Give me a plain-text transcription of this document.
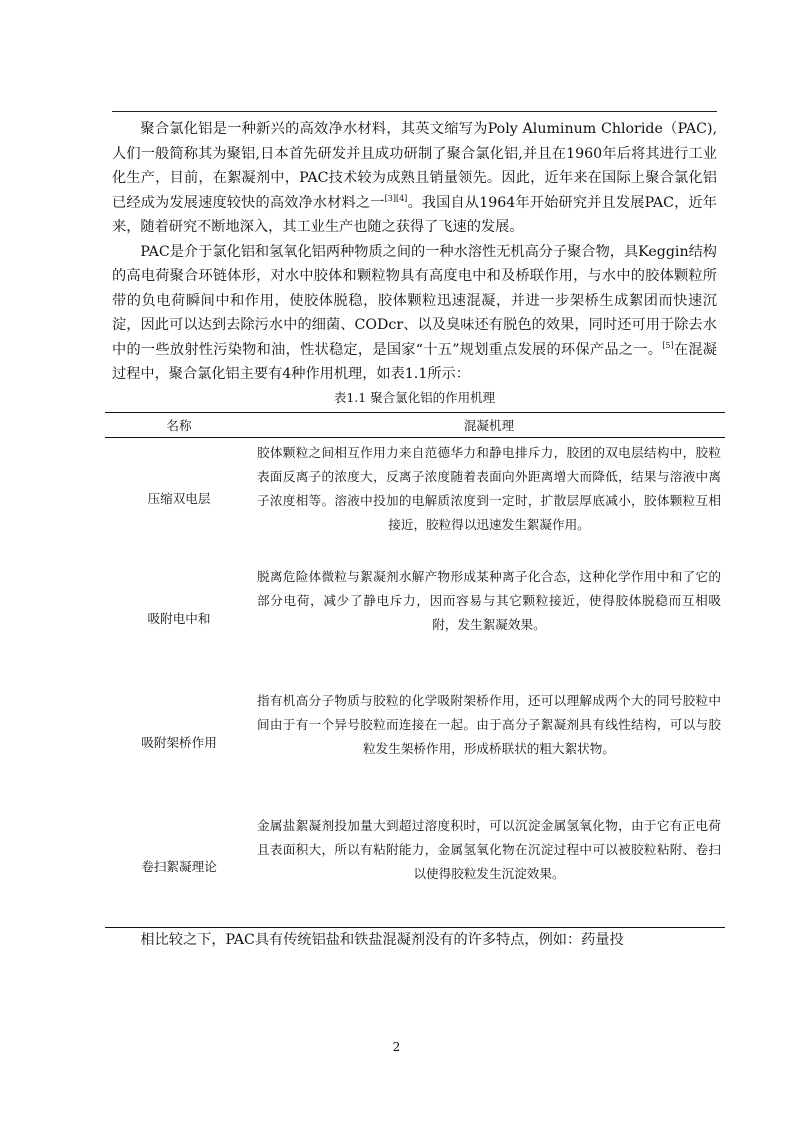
聚合氯化铝是一种新兴的高效净水材料，其英文缩写为Poly Aluminum Chloride（PAC),人们一般简称其为聚铝,日本首先研发并且成功研制了聚合氯化铝,并且在1960年后将其进行工业化生产，目前，在絮凝剂中，PAC技术较为成熟且销量领先。因此，近年来在国际上聚合氯化铝已经成为发展速度较快的高效净水材料之一[3][4]。我国自从1964年开始研究并且发展PAC，近年来，随着研究不断地深入，其工业生产也随之获得了飞速的发展。

PAC是介于氯化铝和氢氧化铝两种物质之间的一种水溶性无机高分子聚合物，具Keggin结构的高电荷聚合环链体形，对水中胶体和颗粒物具有高度电中和及桥联作用，与水中的胶体颗粒所带的负电荷瞬间中和作用，使胶体脱稳，胶体颗粒迅速混凝，并进一步架桥生成絮团而快速沉淀，因此可以达到去除污水中的细菌、CODcr、以及臭味还有脱色的效果，同时还可用于除去水中的一些放射性污染物和油，性状稳定，是国家“十五”规划重点发展的环保产品之一。[5]在混凝过程中，聚合氯化铝主要有4种作用机理，如表1.1所示：

表1.1 聚合氯化铝的作用机理
名称	混凝机理
压缩双电层	胶体颗粒之间相互作用力来自范德华力和静电排斥力，胶团的双电层结构中，胶粒表面反离子的浓度大，反离子浓度随着表面向外距离增大而降低，结果与溶液中离子浓度相等。溶液中投加的电解质浓度到一定时，扩散层厚底减小，胶体颗粒互相接近，胶粒得以迅速发生絮凝作用。

吸附电中和	脱离危险体微粒与絮凝剂水解产物形成某种离子化合态，这种化学作用中和了它的部分电荷，减少了静电斥力，因而容易与其它颗粒接近，使得胶体脱稳而互相吸附，发生絮凝效果。

吸附架桥作用	指有机高分子物质与胶粒的化学吸附架桥作用，还可以理解成两个大的同号胶粒中间由于有一个异号胶粒而连接在一起。由于高分子絮凝剂具有线性结构，可以与胶粒发生架桥作用，形成桥联状的粗大絮状物。

卷扫絮凝理论	金属盐絮凝剂投加量大到超过溶度积时，可以沉淀金属氢氧化物，由于它有正电荷且表面积大，所以有粘附能力，金属氢氧化物在沉淀过程中可以被胶粒粘附、卷扫以使得胶粒发生沉淀效果。

相比较之下，PAC具有传统铝盐和铁盐混凝剂没有的许多特点，例如：药量投

2
